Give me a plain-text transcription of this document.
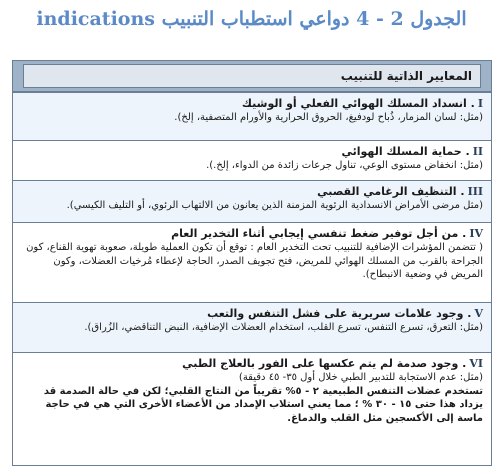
الجدول 2 - 4 دواعي استطباب التنبيب indications
المعايير الذاتية للتنبيب
I. انسداد المسلك الهوائي الفعلي أو الوشيك
(مثل: لسان المزمار، ذُباح لودفيغ، الحروق الحرارية والأورام المتصفية، إلخ).
II. حماية المسلك الهوائي
(مثل: انخفاض مستوى الوعي، تناول جرعات زائدة من الدواء، إلخ.).
III. التنظيف الرغامي القصبي
(مثل مرضى الأمراض الانسدادية الرئوية المزمنة الذين يعانون من الالتهاب الرئوي، أو التليف الكيسي).
IV. من أجل توفير ضغط تنفسي إيجابي أثناء التخدير العام
( تتضمن المؤشرات الإضافية للتنبيب تحت التخدير العام : توقع أن تكون العملية طويلة، صعوبة تهوية القناع، كون الجراحة بالقرب من المسلك الهوائي للمريض، فتح تجويف الصدر، الحاجة لإعطاء مُرخيات العضلات، وكون المريض في وضعية الانبطاح).
V. وجود علامات سريرية على فشل التنفس والتعب
(مثل: التعرق، تسرع التنفس، تسرع القلب، استخدام العضلات الإضافية، النبض التناقضي، الزُراق).
VI. وجود صدمة لم يتم عكسها على الفور بالعلاج الطبي
(مثل: عدم الاستجابة للتدبير الطبي خلال أول ٣٥- ٤٥ دقيقة)
تستخدم عضلات التنفس الطبيعية ٢ - ٥% تقريباً من النتاج القلبي؛ لكن في حالة الصدمة قد يزداد هذا حتى ١٥ - ٣٠ % ؛ مما يعني استلاب الإمداد من الأعضاء الأخرى التي هي في حاجة ماسة إلى الأكسجين مثل القلب والدماغ.
